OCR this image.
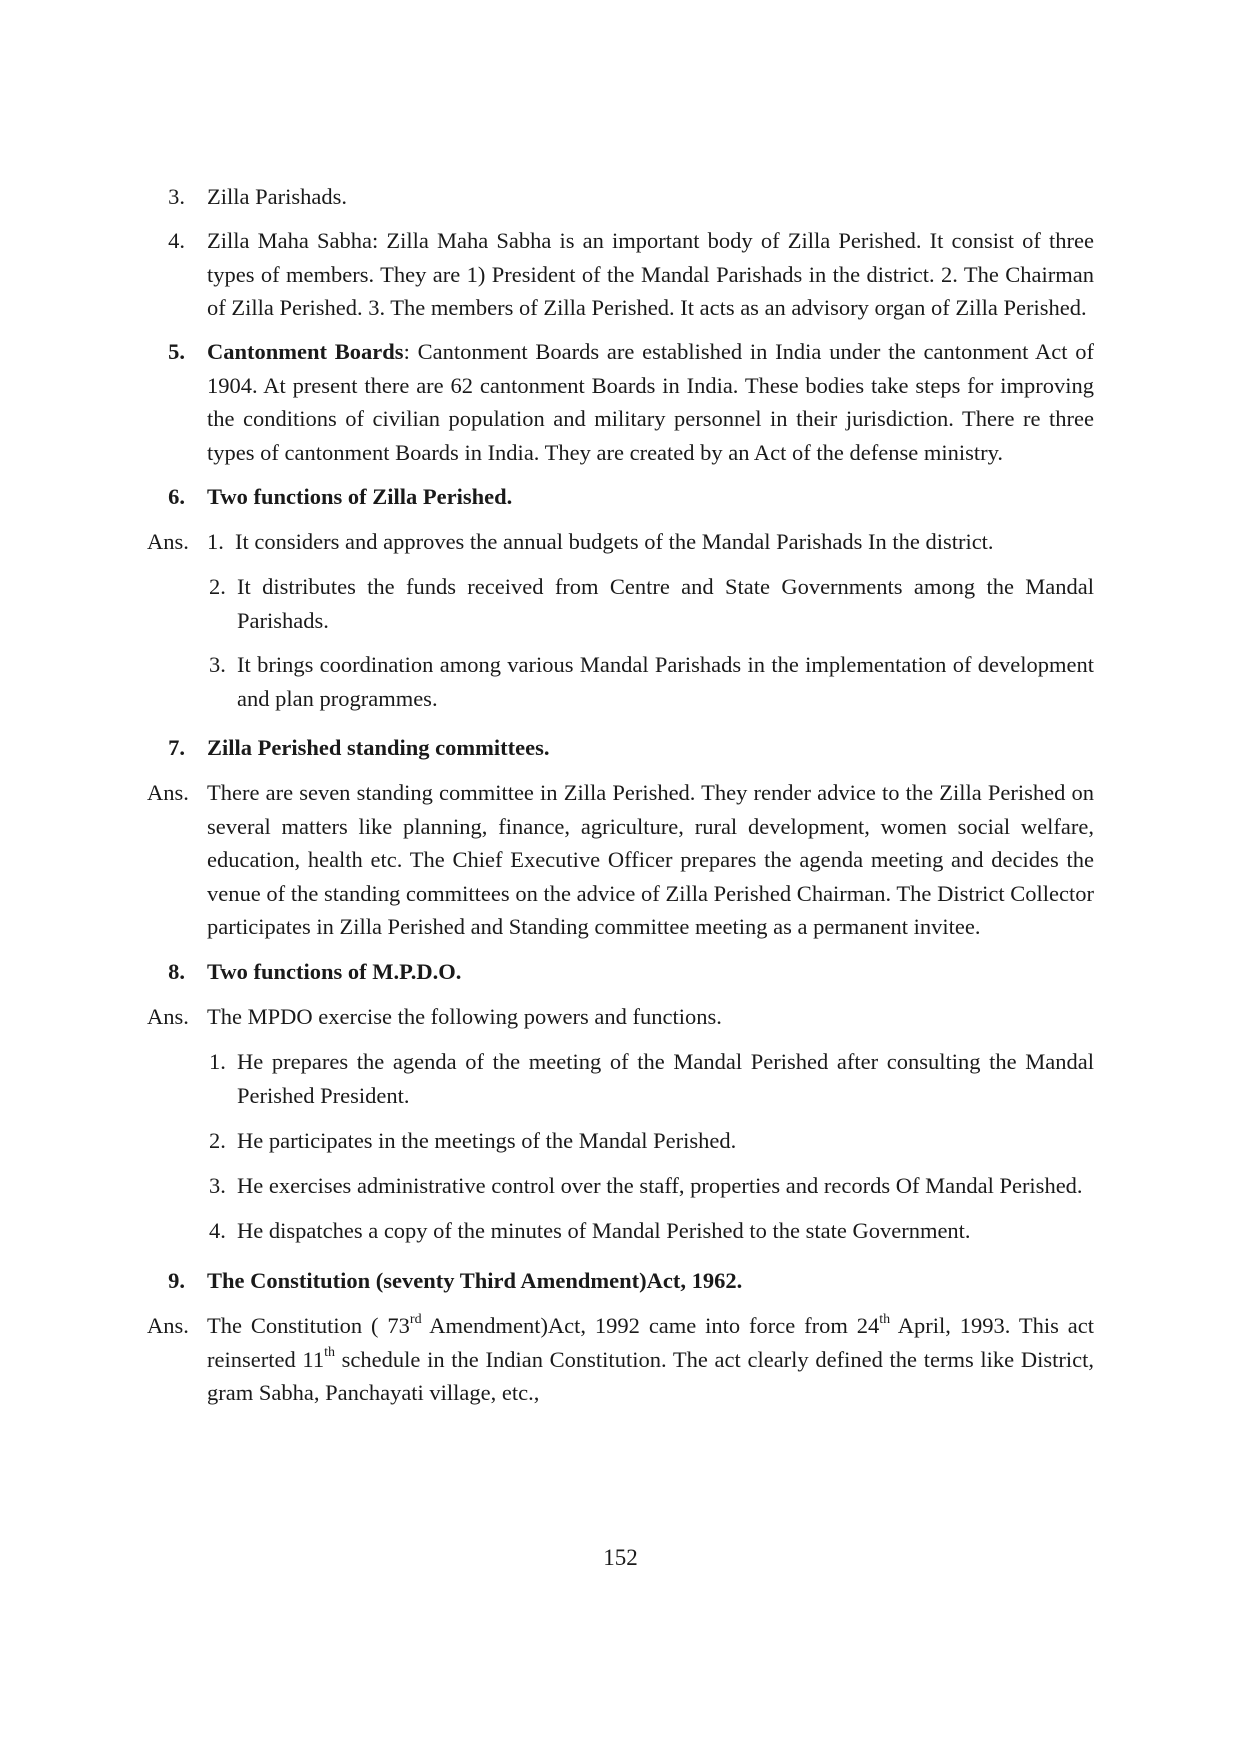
3. Zilla Parishads.
4. Zilla Maha Sabha: Zilla Maha Sabha is an important body of Zilla Perished. It consist of three types of members. They are 1) President of the Mandal Parishads in the district. 2. The Chairman of Zilla Perished. 3. The members of Zilla Perished. It acts as an advisory organ of Zilla Perished.
5. Cantonment Boards: Cantonment Boards are established in India under the cantonment Act of 1904. At present there are 62 cantonment Boards in India. These bodies take steps for improving the conditions of civilian population and military personnel in their jurisdiction. There re three types of cantonment Boards in India. They are created by an Act of the defense ministry.
6. Two functions of Zilla Perished.
Ans. 1. It considers and approves the annual budgets of the Mandal Parishads In the district.
2. It distributes the funds received from Centre and State Governments among the Mandal Parishads.
3. It brings coordination among various Mandal Parishads in the implementation of development and plan programmes.
7. Zilla Perished standing committees.
Ans. There are seven standing committee in Zilla Perished. They render advice to the Zilla Perished on several matters like planning, finance, agriculture, rural development, women social welfare, education, health etc. The Chief Executive Officer prepares the agenda meeting and decides the venue of the standing committees on the advice of Zilla Perished Chairman. The District Collector participates in Zilla Perished and Standing committee meeting as a permanent invitee.
8. Two functions of M.P.D.O.
Ans. The MPDO exercise the following powers and functions.
1. He prepares the agenda of the meeting of the Mandal Perished after consulting the Mandal Perished President.
2. He participates in the meetings of the Mandal Perished.
3. He exercises administrative control over the staff, properties and records Of Mandal Perished.
4. He dispatches a copy of the minutes of Mandal Perished to the state Government.
9. The Constitution (seventy Third Amendment)Act, 1962.
Ans. The Constitution ( 73rd Amendment)Act, 1992 came into force from 24th April, 1993. This act reinserted 11th schedule in the Indian Constitution. The act clearly defined the terms like District, gram Sabha, Panchayati village, etc.,
152
